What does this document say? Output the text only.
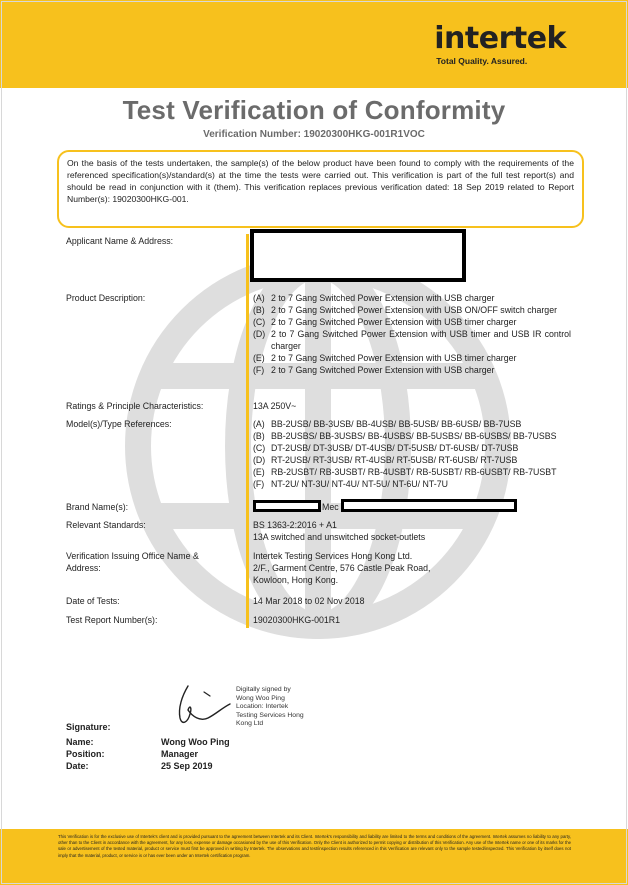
intertek
Total Quality. Assured.
Test Verification of Conformity
Verification Number: 19020300HKG-001R1VOC
On the basis of the tests undertaken, the sample(s) of the below product have been found to comply with the requirements of the referenced specification(s)/standard(s) at the time the tests were carried out. This verification is part of the full test report(s) and should be read in conjunction with it (them). This verification replaces previous verification dated: 18 Sep 2019 related to Report Number(s): 19020300HKG-001.
Applicant Name & Address:
Product Description:	(A) 2 to 7 Gang Switched Power Extension with USB charger
(B) 2 to 7 Gang Switched Power Extension with USB ON/OFF switch charger
(C) 2 to 7 Gang Switched Power Extension with USB timer charger
(D) 2 to 7 Gang Switched Power Extension with USB timer and USB IR control charger
(E) 2 to 7 Gang Switched Power Extension with USB timer charger
(F) 2 to 7 Gang Switched Power Extension with USB charger
Ratings & Principle Characteristics:	13A 250V~
Model(s)/Type References:	(A) BB-2USB/ BB-3USB/ BB-4USB/ BB-5USB/ BB-6USB/ BB-7USB
(B) BB-2USBS/ BB-3USBS/ BB-4USBS/ BB-5USBS/ BB-6USBS/ BB-7USBS
(C) DT-2USB/ DT-3USB/ DT-4USB/ DT-5USB/ DT-6USB/ DT-7USB
(D) RT-2USB/ RT-3USB/ RT-4USB/ RT-5USB/ RT-6USB/ RT-7USB
(E) RB-2USBT/ RB-3USBT/ RB-4USBT/ RB-5USBT/ RB-6USBT/ RB-7USBT
(F) NT-2U/ NT-3U/ NT-4U/ NT-5U/ NT-6U/ NT-7U
Brand Name(s):	Mec
Relevant Standards:	BS 1363-2:2016 + A1
13A switched and unswitched socket-outlets
Verification Issuing Office Name & Address:
Intertek Testing Services Hong Kong Ltd.
2/F., Garment Centre, 576 Castle Peak Road,
Kowloon, Hong Kong.
Date of Tests:	14 Mar 2018 to 02 Nov 2018
Test Report Number(s):	19020300HKG-001R1
Digitally signed by
Wong Woo Ping
Location: Intertek
Testing Services Hong
Kong Ltd
Signature:
Name:	Wong Woo Ping
Position:	Manager
Date:	25 Sep 2019
This Verification is for the exclusive use of Intertek's client and is provided pursuant to the agreement between Intertek and its Client. Intertek's responsibility and liability are limited to the terms and conditions of the agreement. Intertek assumes no liability to any party, other than to the Client in accordance with the agreement, for any loss, expense or damage occasioned by the use of this Verification. Only the Client is authorized to permit copying or distribution of this Verification. Any use of the Intertek name or one of its marks for the sale or advertisement of the tested material, product or service must first be approved in writing by Intertek. The observations and test/inspection results referenced in this Verification are relevant only to the sample tested/inspected. This Verification by itself does not imply that the material, product, or service is or has ever been under an Intertek certification program.
